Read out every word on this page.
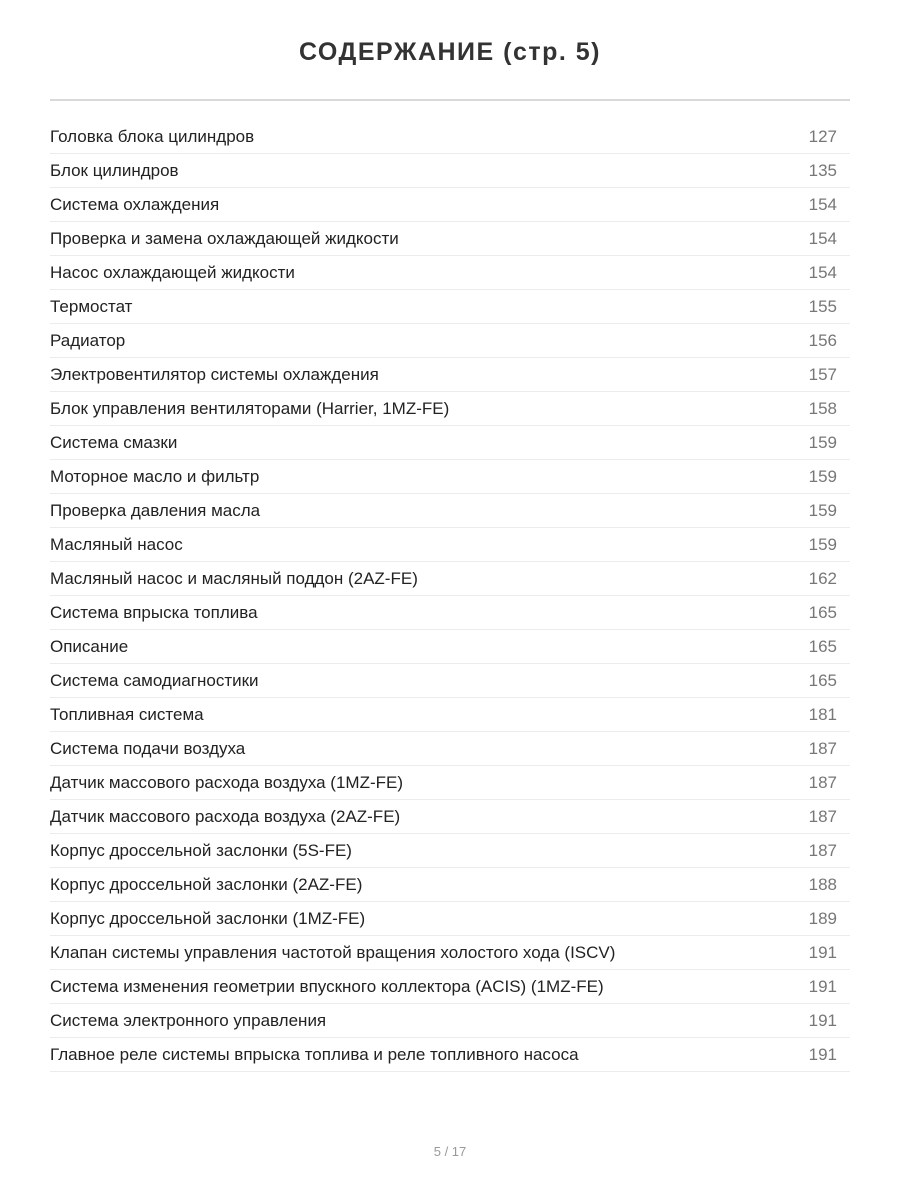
СОДЕРЖАНИЕ (стр. 5)
Головка блока цилиндров	127
Блок цилиндров	135
Система охлаждения	154
Проверка и замена охлаждающей жидкости	154
Насос охлаждающей жидкости	154
Термостат	155
Радиатор	156
Электровентилятор системы охлаждения	157
Блок управления вентиляторами (Harrier, 1MZ-FE)	158
Система смазки	159
Моторное масло и фильтр	159
Проверка давления масла	159
Масляный насос	159
Масляный насос и масляный поддон (2AZ-FE)	162
Система впрыска топлива	165
Описание	165
Система самодиагностики	165
Топливная система	181
Система подачи воздуха	187
Датчик массового расхода воздуха (1MZ-FE)	187
Датчик массового расхода воздуха (2AZ-FE)	187
Корпус дроссельной заслонки (5S-FE)	187
Корпус дроссельной заслонки (2AZ-FE)	188
Корпус дроссельной заслонки (1MZ-FE)	189
Клапан системы управления частотой вращения холостого хода (ISCV)	191
Система изменения геометрии впускного коллектора (ACIS) (1MZ-FE)	191
Система электронного управления	191
Главное реле системы впрыска топлива и реле топливного насоса	191
5 / 17
